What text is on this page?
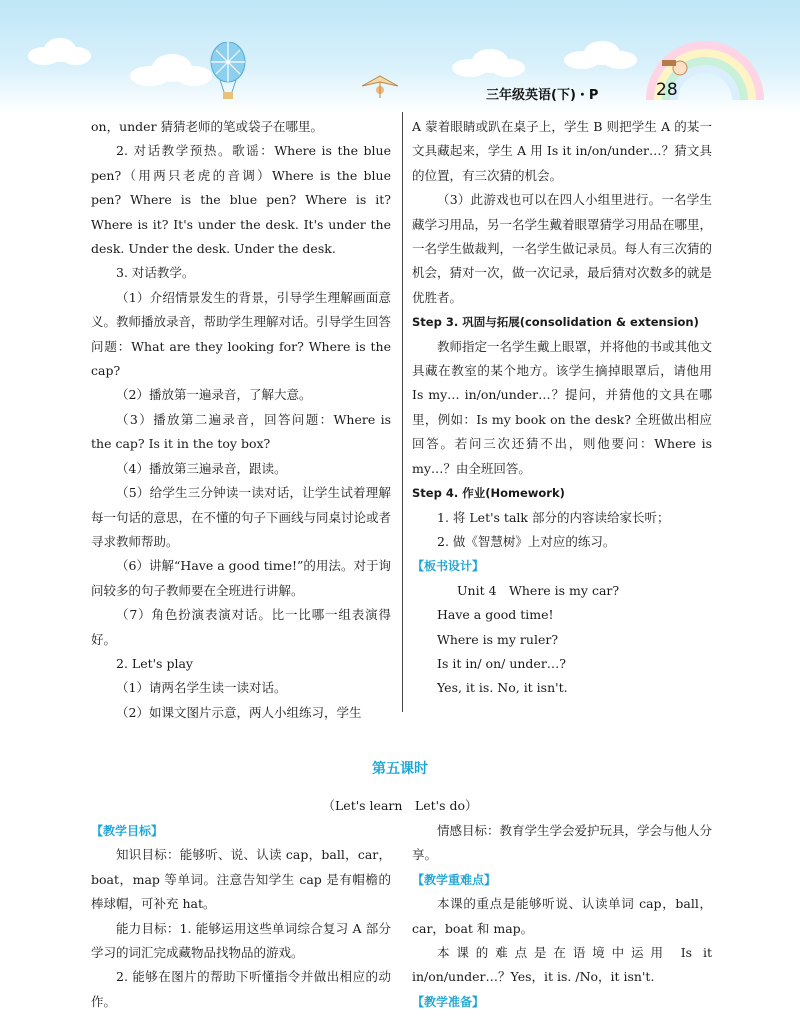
三年级英语(下)・P	28

on，under 猜猜老师的笔或袋子在哪里。

2. 对话教学预热。歌谣：Where is the blue pen?（用两只老虎的音调）Where is the blue pen? Where is the blue pen? Where is it? Where is it? It's under the desk. It's under the desk. Under the desk. Under the desk.

3. 对话教学。

（1）介绍情景发生的背景，引导学生理解画面意义。教师播放录音，帮助学生理解对话。引导学生回答问题：What are they looking for? Where is the cap?

（2）播放第一遍录音，了解大意。

（3）播放第二遍录音，回答问题：Where is the cap? Is it in the toy box?

（4）播放第三遍录音，跟读。

（5）给学生三分钟读一读对话，让学生试着理解每一句话的意思，在不懂的句子下画线与同桌讨论或者寻求教师帮助。

（6）讲解“Have a good time!”的用法。对于询问较多的句子教师要在全班进行讲解。

（7）角色扮演表演对话。比一比哪一组表演得好。

2. Let's play

（1）请两名学生读一读对话。

（2）如课文图片示意，两人小组练习，学生

A 蒙着眼睛或趴在桌子上，学生 B 则把学生 A 的某一文具藏起来，学生 A 用 Is it in/on/under…？猜文具的位置，有三次猜的机会。

（3）此游戏也可以在四人小组里进行。一名学生藏学习用品，另一名学生戴着眼罩猜学习用品在哪里，一名学生做裁判，一名学生做记录员。每人有三次猜的机会，猜对一次，做一次记录，最后猜对次数多的就是优胜者。

Step 3. 巩固与拓展(consolidation & extension)

教师指定一名学生戴上眼罩，并将他的书或其他文具藏在教室的某个地方。该学生摘掉眼罩后，请他用 Is my… in/on/under…？提问，并猜他的文具在哪里，例如：Is my book on the desk? 全班做出相应回答。若问三次还猜不出，则他要问：Where is my…？由全班回答。

Step 4. 作业(Homework)

1. 将 Let's talk 部分的内容读给家长听；

2. 做《智慧树》上对应的练习。

【板书设计】

Unit 4　Where is my car?

Have a good time!

Where is my ruler?

Is it in/ on/ under…?

Yes, it is. No, it isn't.

第五课时
（Let's learn　Let's do）

【教学目标】

知识目标：能够听、说、认读 cap，ball，car，boat，map 等单词。注意告知学生 cap 是有帽檐的棒球帽，可补充 hat。

能力目标：1. 能够运用这些单词综合复习 A 部分学习的词汇完成藏物品找物品的游戏。

2. 能够在图片的帮助下听懂指令并做出相应的动作。

情感目标：教育学生学会爱护玩具，学会与他人分享。

【教学重难点】

本课的重点是能够听说、认读单词 cap，ball，car，boat 和 map。

本课的难点是在语境中运用 Is it in/on/under…？Yes，it is. /No，it isn't.

【教学准备】
